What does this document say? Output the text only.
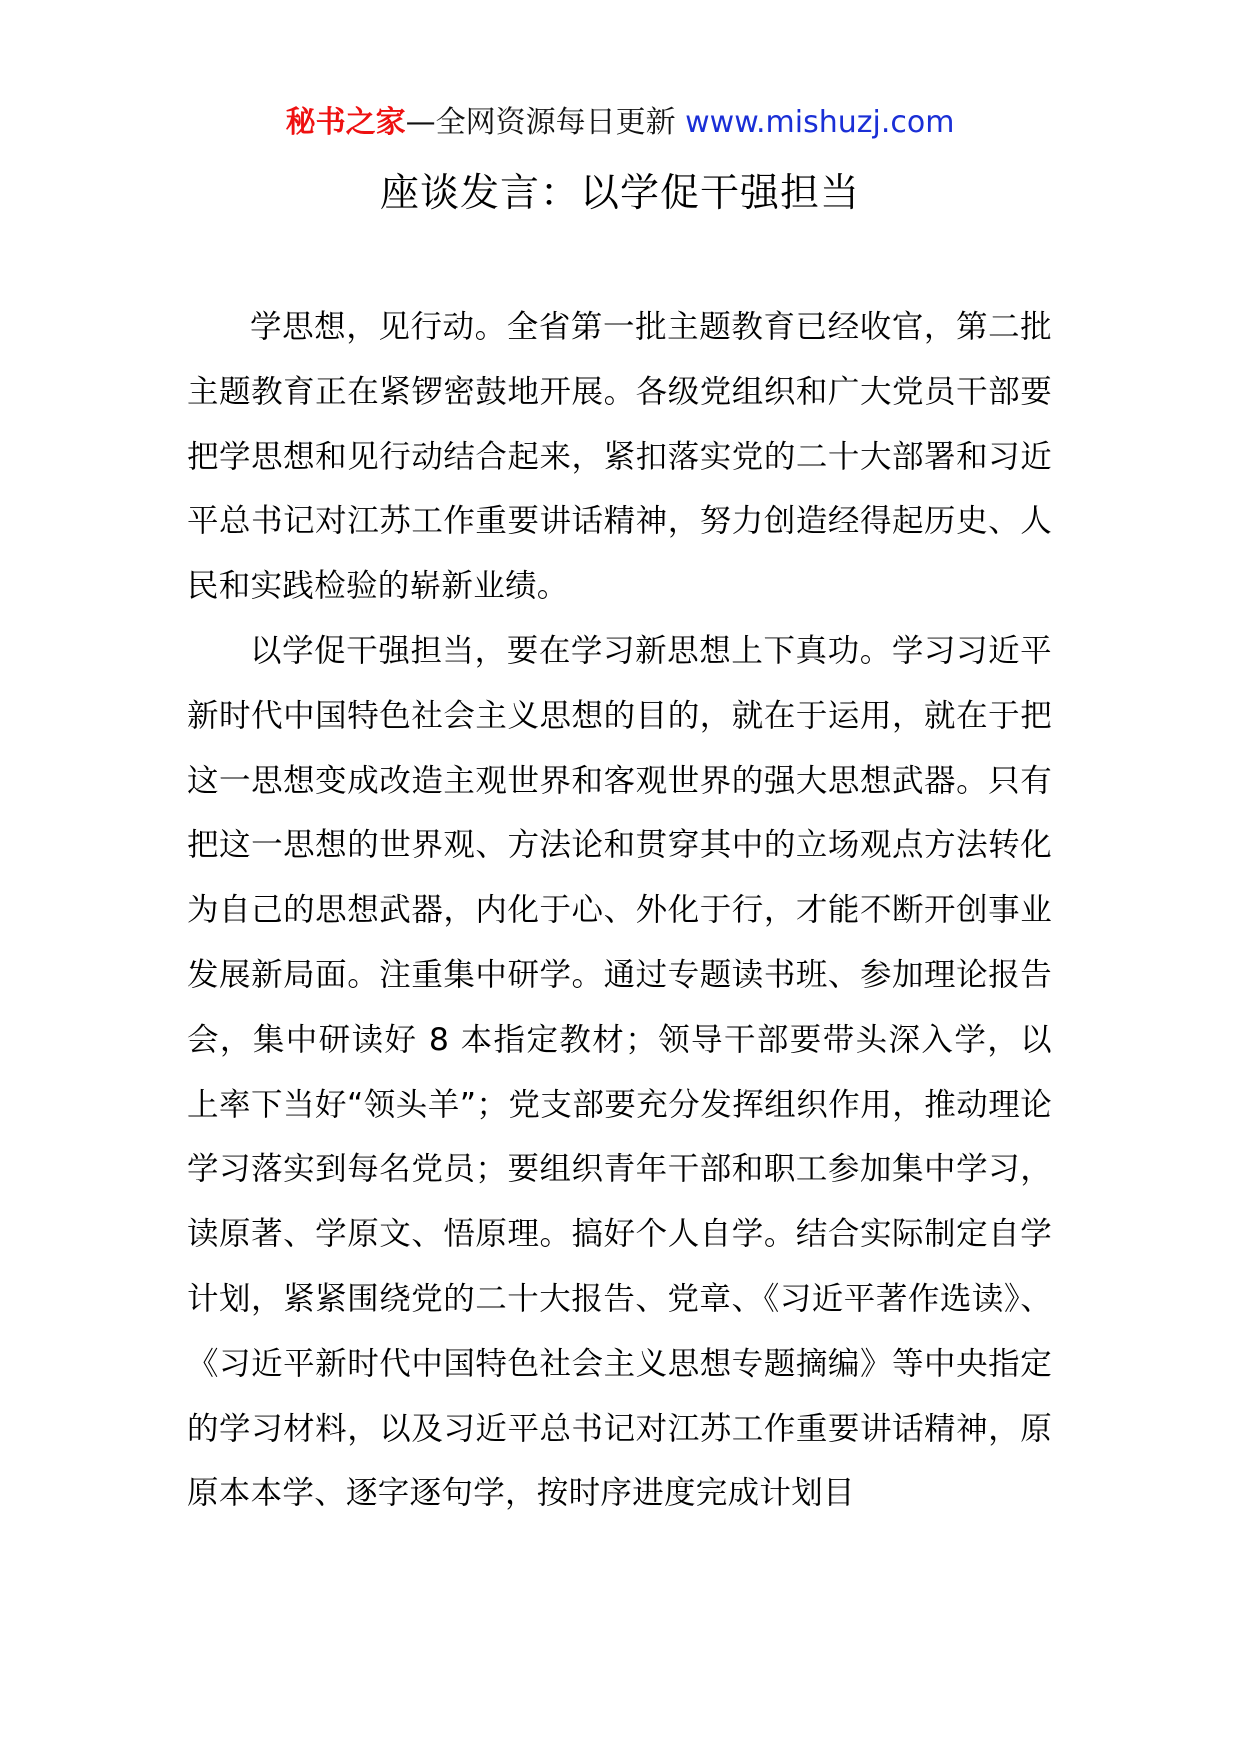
秘书之家—全网资源每日更新 www.mishuzj.com
座谈发言：以学促干强担当

学思想，见行动。全省第一批主题教育已经收官，第二批主题教育正在紧锣密鼓地开展。各级党组织和广大党员干部要把学思想和见行动结合起来，紧扣落实党的二十大部署和习近平总书记对江苏工作重要讲话精神，努力创造经得起历史、人民和实践检验的崭新业绩。

以学促干强担当，要在学习新思想上下真功。学习习近平新时代中国特色社会主义思想的目的，就在于运用，就在于把这一思想变成改造主观世界和客观世界的强大思想武器。只有把这一思想的世界观、方法论和贯穿其中的立场观点方法转化为自己的思想武器，内化于心、外化于行，才能不断开创事业发展新局面。注重集中研学。通过专题读书班、参加理论报告会，集中研读好 8 本指定教材；领导干部要带头深入学，以上率下当好“领头羊”；党支部要充分发挥组织作用，推动理论学习落实到每名党员；要组织青年干部和职工参加集中学习，读原著、学原文、悟原理。搞好个人自学。结合实际制定自学计划，紧紧围绕党的二十大报告、党章、《习近平著作选读》、《习近平新时代中国特色社会主义思想专题摘编》等中央指定的学习材料，以及习近平总书记对江苏工作重要讲话精神，原原本本学、逐字逐句学，按时序进度完成计划目
